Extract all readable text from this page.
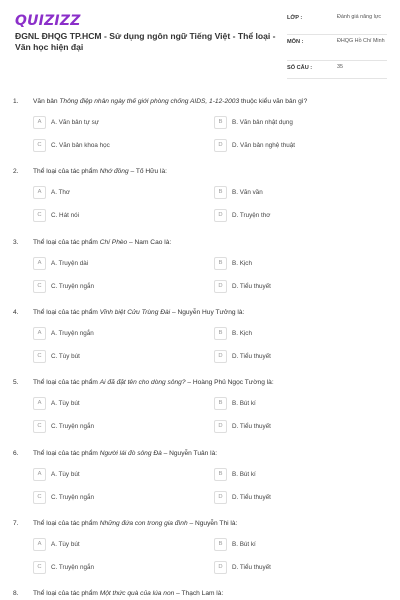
QUIZIZZ
ĐGNL ĐHQG TP.HCM - Sử dụng ngôn ngữ Tiếng Việt - Thể loại - Văn học hiện đại
LỚP :	Đánh giá năng lực
MÔN :	ĐHQG Hồ Chí Minh
SỐ CÂU :	35
1. Văn bản Thông điệp nhân ngày thế giới phòng chống AIDS, 1-12-2003 thuộc kiểu văn bản gì?
A	A. Văn bản tự sự	B	B. Văn bản nhật dụng
C	C. Văn bản khoa học	D	D. Văn bản nghệ thuật
2. Thể loại của tác phẩm Nhớ đồng – Tố Hữu là:
A	A. Thơ	B	B. Văn vần
C	C. Hát nói	D	D. Truyện thơ
3. Thể loại của tác phẩm Chí Phèo – Nam Cao là:
A	A. Truyện dài	B	B. Kịch
C	C. Truyện ngắn	D	D. Tiểu thuyết
4. Thể loại của tác phẩm Vĩnh biệt Cửu Trùng Đài – Nguyễn Huy Tưởng là:
A	A. Truyện ngắn	B	B. Kịch
C	C. Tùy bút	D	D. Tiểu thuyết
5. Thể loại của tác phẩm Ai đã đặt tên cho dòng sông? – Hoàng Phủ Ngọc Tường là:
A	A. Tùy bút	B	B. Bút kí
C	C. Truyện ngắn	D	D. Tiểu thuyết
6. Thể loại của tác phẩm Người lái đò sông Đà – Nguyễn Tuân là:
A	A. Tùy bút	B	B. Bút kí
C	C. Truyện ngắn	D	D. Tiểu thuyết
7. Thể loại của tác phẩm Những đứa con trong gia đình – Nguyễn Thi là:
A	A. Tùy bút	B	B. Bút kí
C	C. Truyện ngắn	D	D. Tiểu thuyết
8. Thể loại của tác phẩm Một thức quà của lúa non – Thạch Lam là:
